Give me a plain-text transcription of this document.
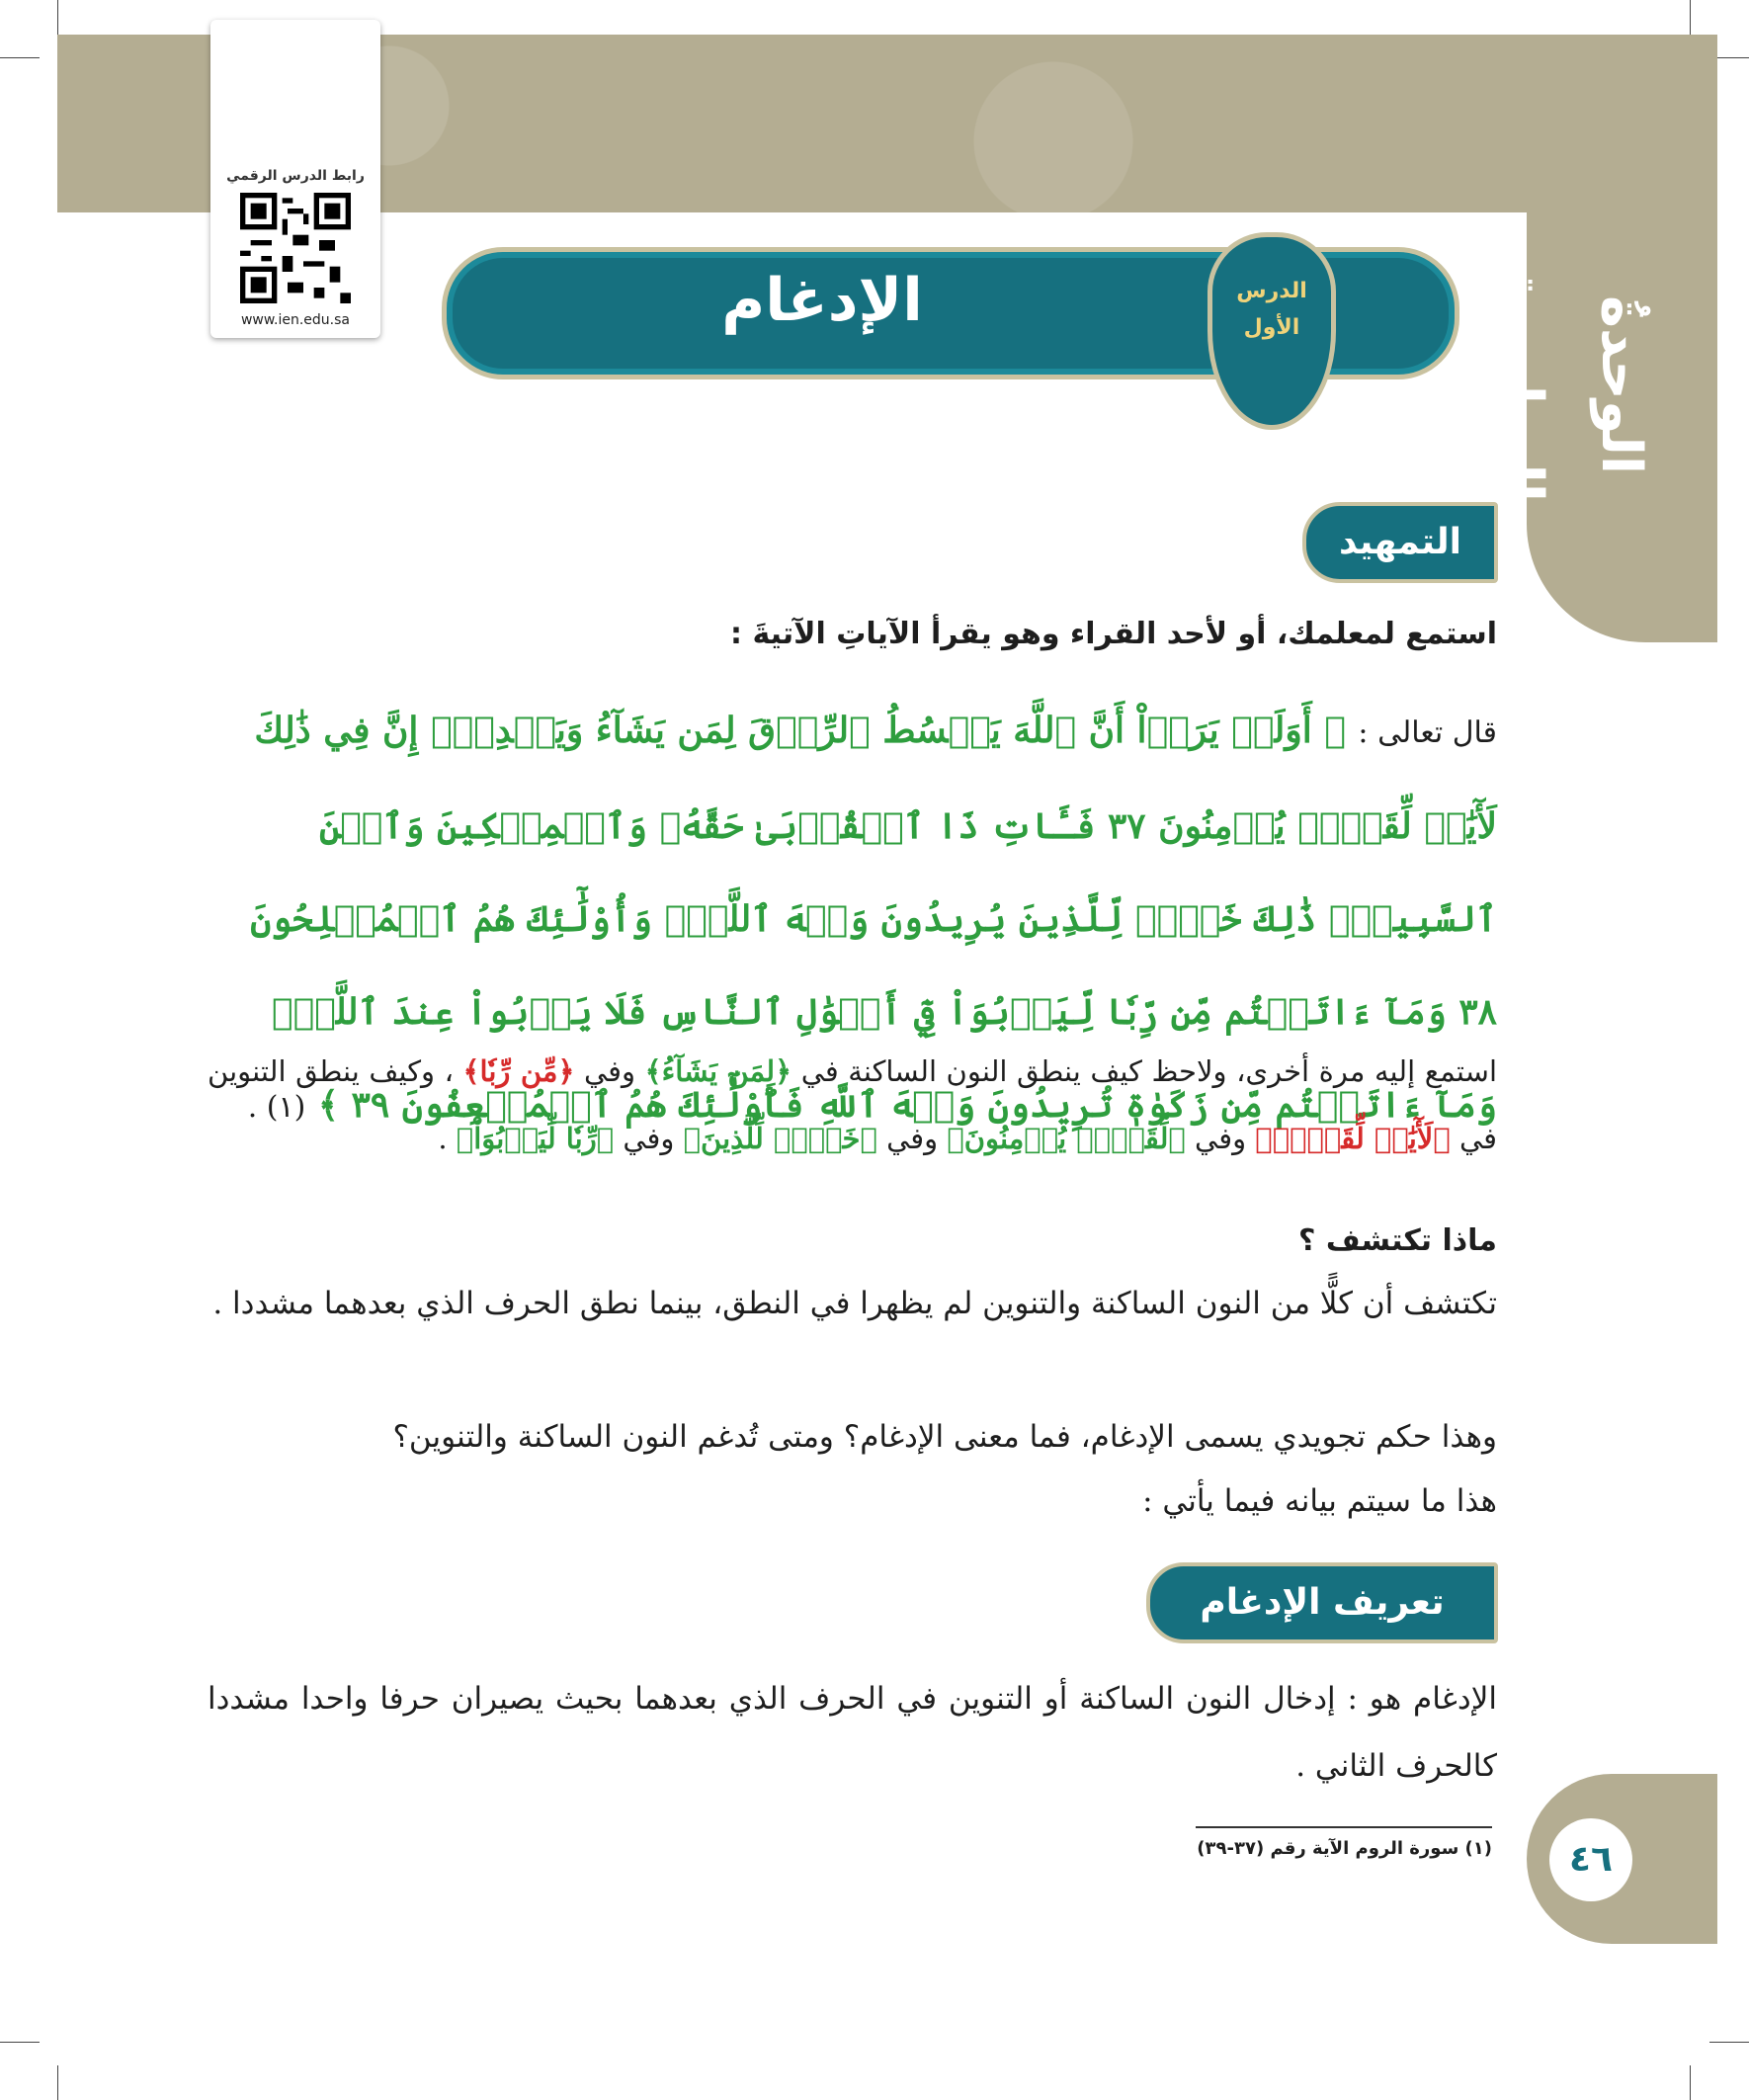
الوحدةُ السادسة
رابط الدرس الرقمي
www.ien.edu.sa	الإدغام	الدرس
الأول
التمهيد
استمع لمعلمك، أو لأحد القراء وهو يقرأ الآياتِ الآتيةَ :
قال تعالى : ﴿ أَوَلَمۡ يَرَوۡاْ أَنَّ ٱللَّهَ يَبۡسُطُ ٱلرِّزۡقَ لِمَن يَشَآءُ وَيَقۡدِرُۚ إِنَّ فِي ذَٰلِكَ لَأٓيَٰتٖ لِّقَوۡمٖ يُؤۡمِنُونَ ٣٧ فَـَٔاتِ ذَا ٱلۡقُرۡبَىٰ حَقَّهُۥ وَٱلۡمِسۡكِينَ وَٱبۡنَ ٱلسَّبِيلِۚ ذَٰلِكَ خَيۡرٞ لِّلَّذِينَ يُرِيدُونَ وَجۡهَ ٱللَّهِۖ وَأُوْلَٰٓئِكَ هُمُ ٱلۡمُفۡلِحُونَ ٣٨ وَمَآ ءَاتَيۡتُم مِّن رِّبٗا لِّيَرۡبُوَاْ فِيٓ أَمۡوَٰلِ ٱلنَّاسِ فَلَا يَرۡبُواْ عِندَ ٱللَّهِۖ وَمَآ ءَاتَيۡتُم مِّن زَكَوٰةٖ تُرِيدُونَ وَجۡهَ ٱللَّهِ فَأُوْلَٰٓئِكَ هُمُ ٱلۡمُضۡعِفُونَ ٣٩ ﴾ (١) .
استمع إليه مرة أخرى، ولاحظ كيف ينطق النون الساكنة في ﴿لِمَن يَشَآءُ﴾ وفي ﴿مِّن رِّبٗا﴾ ، وكيف ينطق التنوين في ﴿لَأٓيَٰتٖ لِّقَوۡمٖ﴾ وفي ﴿لِّقَوۡمٖ يُؤۡمِنُونَ﴾ وفي ﴿خَيۡرٞ لِّلَّذِينَ﴾ وفي ﴿رِّبٗا لِّيَرۡبُوَاْ﴾ .
ماذا تكتشف ؟
تكتشف أن كلًّا من النون الساكنة والتنوين لم يظهرا في النطق، بينما نطق الحرف الذي بعدهما مشددا .
وهذا حكم تجويدي يسمى الإدغام، فما معنى الإدغام؟ ومتى تُدغم النون الساكنة والتنوين؟
هذا ما سيتم بيانه فيما يأتي :
تعريف الإدغام
الإدغام هو : إدخال النون الساكنة أو التنوين في الحرف الذي بعدهما بحيث يصيران حرفا واحدا مشددا كالحرف الثاني .
(١) سورة الروم الآية رقم (٣٧-٣٩)	٤٦
